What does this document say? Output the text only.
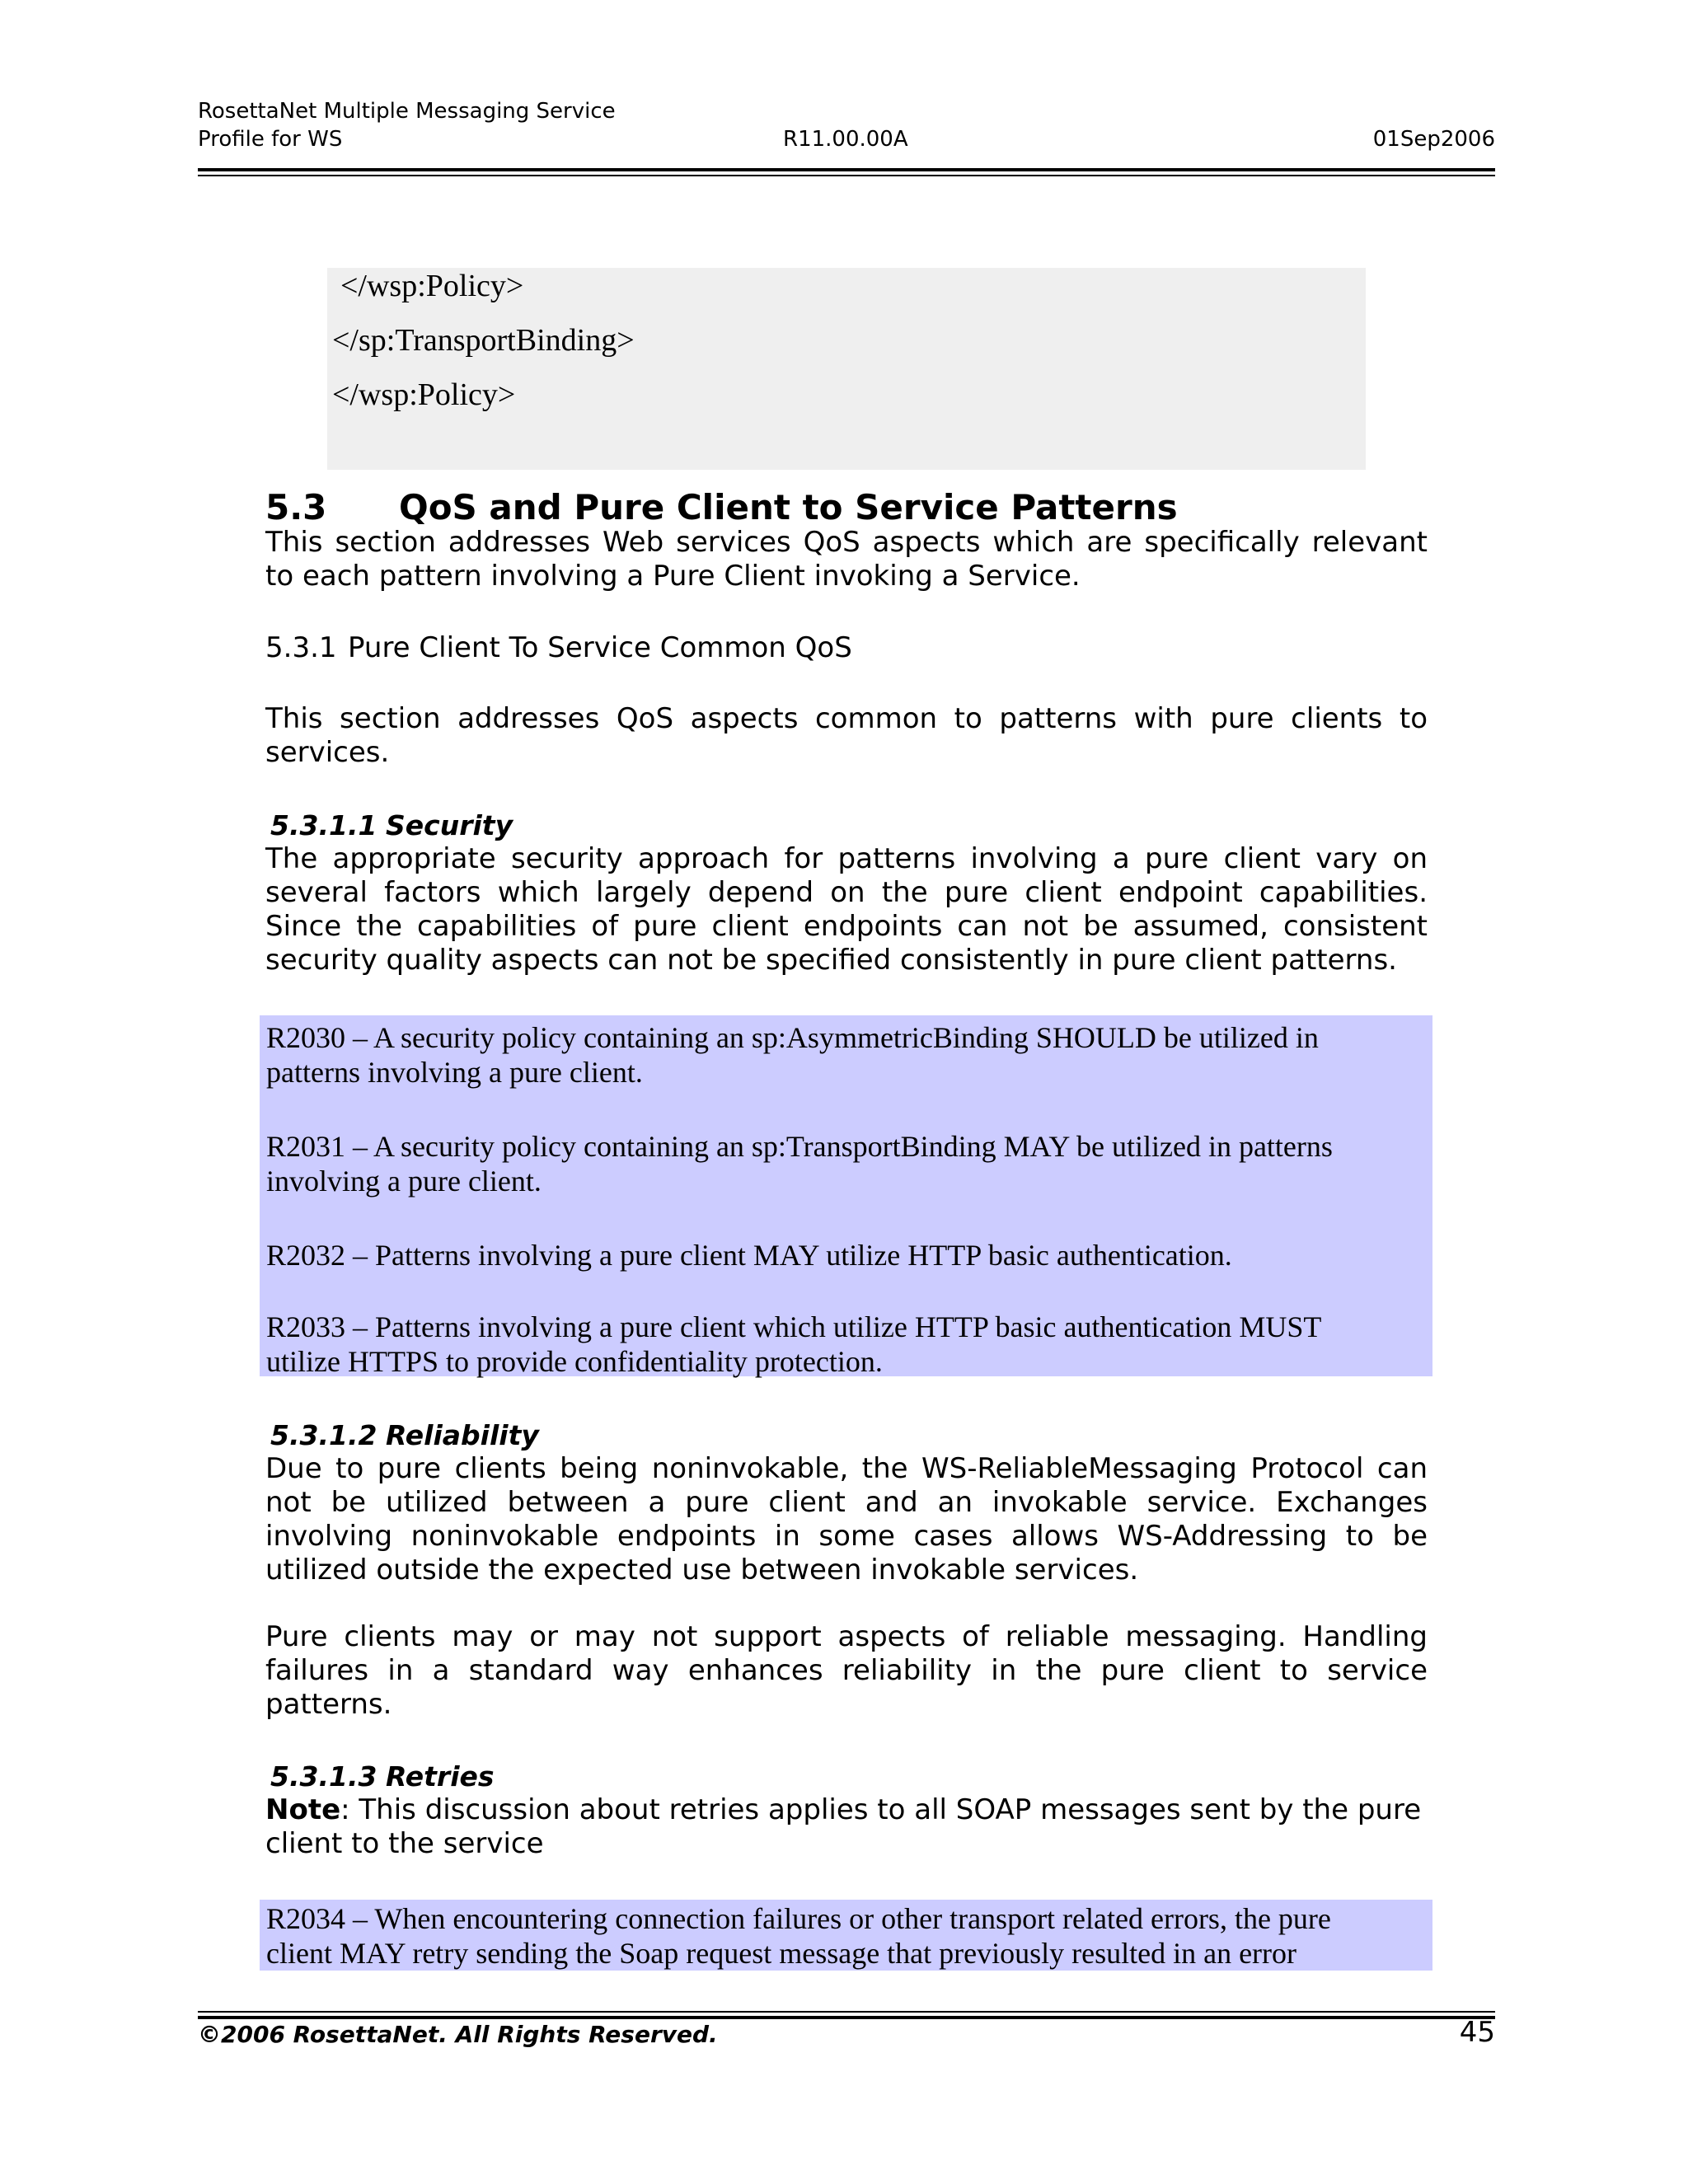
RosettaNet Multiple Messaging Service
Profile for WS	R11.00.00A	01Sep2006
</wsp:Policy>
</sp:TransportBinding>
</wsp:Policy>
5.3 QoS and Pure Client to Service Patterns
This section addresses Web services QoS aspects which are specifically relevant to each pattern involving a Pure Client invoking a Service.
5.3.1 Pure Client To Service Common QoS
This section addresses QoS aspects common to patterns with pure clients to services.
5.3.1.1 Security
The appropriate security approach for patterns involving a pure client vary on several factors which largely depend on the pure client endpoint capabilities. Since the capabilities of pure client endpoints can not be assumed, consistent security quality aspects can not be specified consistently in pure client patterns.
R2030 – A security policy containing an sp:AsymmetricBinding SHOULD be utilized in patterns involving a pure client.
R2031 – A security policy containing an sp:TransportBinding MAY be utilized in patterns involving a pure client.
R2032 – Patterns involving a pure client MAY utilize HTTP basic authentication.
R2033 – Patterns involving a pure client which utilize HTTP basic authentication MUST utilize HTTPS to provide confidentiality protection.
5.3.1.2 Reliability
Due to pure clients being noninvokable, the WS-ReliableMessaging Protocol can not be utilized between a pure client and an invokable service. Exchanges involving noninvokable endpoints in some cases allows WS-Addressing to be utilized outside the expected use between invokable services.
Pure clients may or may not support aspects of reliable messaging. Handling failures in a standard way enhances reliability in the pure client to service patterns.
5.3.1.3 Retries
Note: This discussion about retries applies to all SOAP messages sent by the pure client to the service
R2034 – When encountering connection failures or other transport related errors, the pure client MAY retry sending the Soap request message that previously resulted in an error
©2006 RosettaNet. All Rights Reserved.	45
